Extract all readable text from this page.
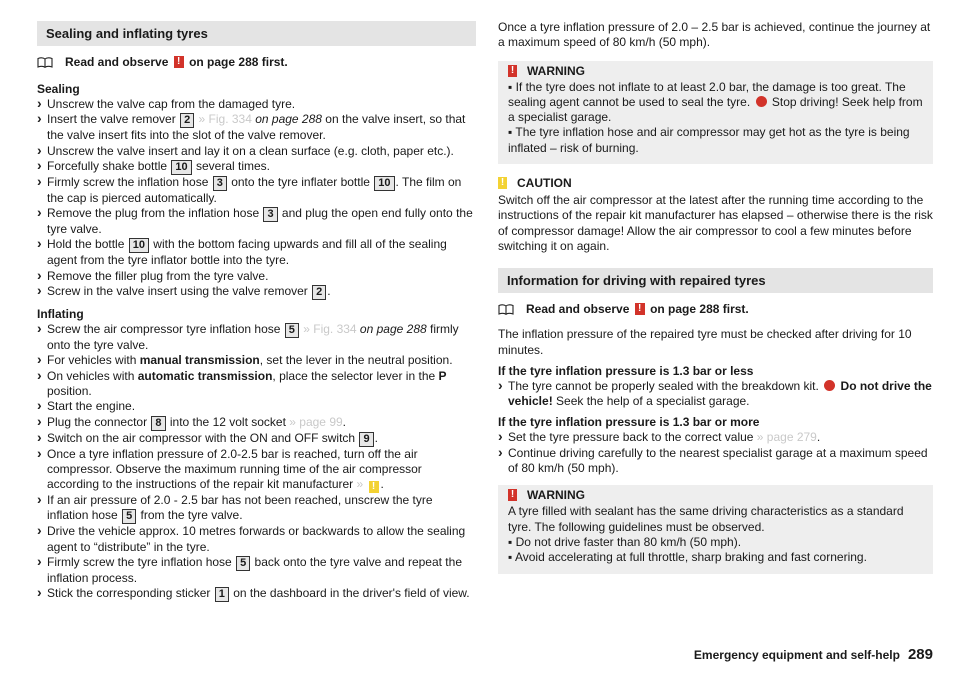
Sealing and inflating tyres
Read and observe
!
on page 288 first.
Sealing
› Unscrew the valve cap from the damaged tyre.
› Insert the valve remover 2 » Fig. 334 on page 288 on the valve insert, so that the valve insert fits into the slot of the valve remover.
› Unscrew the valve insert and lay it on a clean surface (e.g. cloth, paper etc.).
› Forcefully shake bottle 10 several times.
› Firmly screw the inflation hose 3 onto the tyre inflater bottle 10 . The film on the cap is pierced automatically.
› Remove the plug from the inflation hose 3 and plug the open end fully onto the tyre valve.
› Hold the bottle 10 with the bottom facing upwards and fill all of the sealing agent from the tyre inflator bottle into the tyre.
› Remove the filler plug from the tyre valve.
› Screw in the valve insert using the valve remover 2 .
Inflating
› Screw the air compressor tyre inflation hose 5 » Fig. 334 on page 288 firmly onto the tyre valve.
› For vehicles with manual transmission, set the lever in the neutral position.
› On vehicles with automatic transmission, place the selector lever in the P position.
› Start the engine.
› Plug the connector 8 into the 12 volt socket » page 99.
› Switch on the air compressor with the ON and OFF switch 9 .
› Once a tyre inflation pressure of 2.0-2.5 bar is reached, turn off the air compressor. Observe the maximum running time of the air compressor according to the instructions of the repair kit manufacturer » ! .
› If an air pressure of 2.0 - 2.5 bar has not been reached, unscrew the tyre inflation hose 5 from the tyre valve.
› Drive the vehicle approx. 10 metres forwards or backwards to allow the sealing agent to “distribute” in the tyre.
› Firmly screw the tyre inflation hose 5 back onto the tyre valve and repeat the inflation process.
› Stick the corresponding sticker 1 on the dashboard in the driver's field of view.
Once a tyre inflation pressure of 2.0 – 2.5 bar is achieved, continue the journey at a maximum speed of 80 km/h (50 mph).
! WARNING
▪ If the tyre does not inflate to at least 2.0 bar, the damage is too great. The sealing agent cannot be used to seal the tyre.  Stop driving! Seek help from a specialist garage.
▪ The tyre inflation hose and air compressor may get hot as the tyre is being inflated – risk of burning.
! CAUTION
Switch off the air compressor at the latest after the running time according to the instructions of the repair kit manufacturer has elapsed – otherwise there is the risk of compressor damage! Allow the air compressor to cool a few minutes before switching it on again.
Information for driving with repaired tyres
Read and observe
!
on page 288 first.
The inflation pressure of the repaired tyre must be checked after driving for 10 minutes.
If the tyre inflation pressure is 1.3 bar or less
› The tyre cannot be properly sealed with the breakdown kit.  Do not drive the vehicle! Seek the help of a specialist garage.
If the tyre inflation pressure is 1.3 bar or more
› Set the tyre pressure back to the correct value » page 279.
› Continue driving carefully to the nearest specialist garage at a maximum speed of 80 km/h (50 mph).
! WARNING
A tyre filled with sealant has the same driving characteristics as a standard tyre. The following guidelines must be observed.
▪ Do not drive faster than 80 km/h (50 mph).
▪ Avoid accelerating at full throttle, sharp braking and fast cornering.
Emergency equipment and self-help 289
